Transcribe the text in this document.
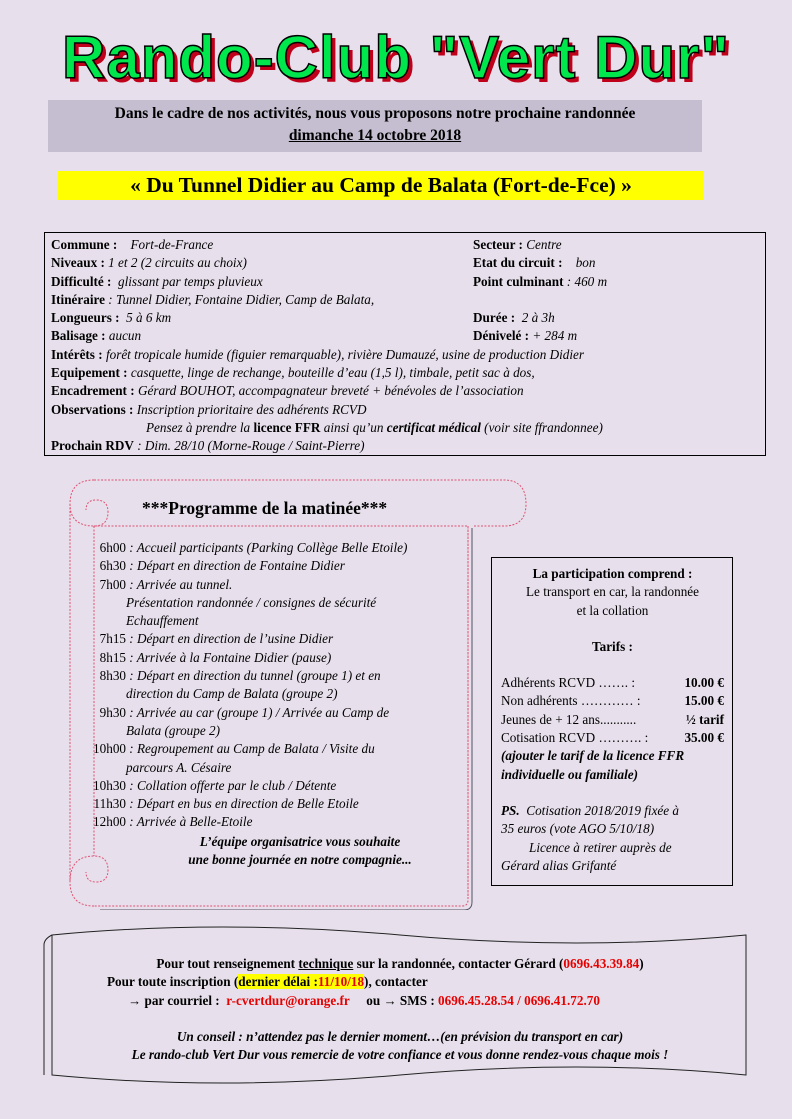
Rando-Club "Vert Dur"
Dans le cadre de nos activités, nous vous proposons notre prochaine randonnée
dimanche 14 octobre 2018
« Du Tunnel Didier au Camp de Balata (Fort-de-Fce) »
Commune : Fort-de-France	Secteur : Centre
Niveaux : 1 et 2 (2 circuits au choix)	Etat du circuit : bon
Difficulté : glissant par temps pluvieux	Point culminant : 460 m
Itinéraire : Tunnel Didier, Fontaine Didier, Camp de Balata,
Longueurs : 5 à 6 km	Durée : 2 à 3h
Balisage : aucun	Dénivelé : + 284 m
Intérêts : forêt tropicale humide (figuier remarquable), rivière Dumauzé, usine de production Didier
Equipement : casquette, linge de rechange, bouteille d’eau (1,5 l), timbale, petit sac à dos,
Encadrement : Gérard BOUHOT, accompagnateur breveté + bénévoles de l’association
Observations : Inscription prioritaire des adhérents RCVD
Pensez à prendre la licence FFR ainsi qu’un certificat médical (voir site ffrandonnee)
Prochain RDV : Dim. 28/10 (Morne-Rouge / Saint-Pierre)
***Programme de la matinée***
6h00 : Accueil participants (Parking Collège Belle Etoile)
6h30 : Départ en direction de Fontaine Didier
7h00 : Arrivée au tunnel.
Présentation randonnée / consignes de sécurité
Echauffement
7h15 : Départ en direction de l’usine Didier
8h15 : Arrivée à la Fontaine Didier (pause)
8h30 : Départ en direction du tunnel (groupe 1) et en
direction du Camp de Balata (groupe 2)
9h30 : Arrivée au car (groupe 1) / Arrivée au Camp de
Balata (groupe 2)
10h00 : Regroupement au Camp de Balata / Visite du
parcours A. Césaire
10h30 : Collation offerte par le club / Détente
11h30 : Départ en bus en direction de Belle Etoile
12h00 : Arrivée à Belle-Etoile
L’équipe organisatrice vous souhaite
une bonne journée en notre compagnie...
La participation comprend :
Le transport en car, la randonnée
et la collation
Tarifs :
Adhérents RCVD ……. :	10.00 €
Non adhérents ………… :	15.00 €
Jeunes de + 12 ans...........	½ tarif
Cotisation RCVD ………. :	35.00 €
(ajouter le tarif de la licence FFR
individuelle ou familiale)
PS. Cotisation 2018/2019 fixée à
35 euros (vote AGO 5/10/18)
Licence à retirer auprès de
Gérard alias Grifanté
Pour tout renseignement technique sur la randonnée, contacter Gérard (0696.43.39.84)
Pour toute inscription (dernier délai :11/10/18), contacter
→ par courriel : r-cvertdur@orange.fr ou → SMS : 0696.45.28.54 / 0696.41.72.70
Un conseil : n’attendez pas le dernier moment…(en prévision du transport en car)
Le rando-club Vert Dur vous remercie de votre confiance et vous donne rendez-vous chaque mois !
